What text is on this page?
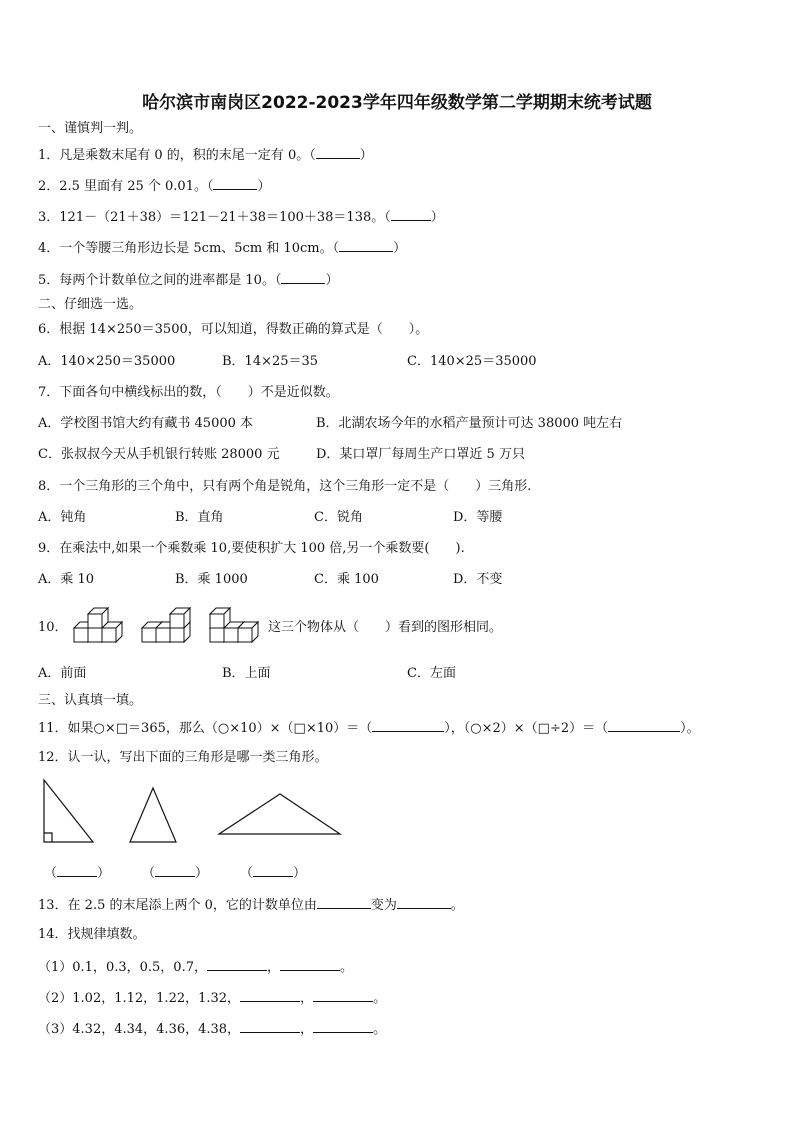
哈尔滨市南岗区2022-2023学年四年级数学第二学期期末统考试题
一、谨慎判一判。
1．凡是乘数末尾有 0 的，积的末尾一定有 0。（	）
2．2.5 里面有 25 个 0.01。（	）
3．121－（21＋38）＝121－21＋38＝100＋38＝138。（	）
4．一个等腰三角形边长是 5cm、5cm 和 10cm。（	）
5．每两个计数单位之间的进率都是 10。（	）
二、仔细选一选。
6．根据 14×250＝3500，可以知道，得数正确的算式是（　　）。
A．140×250＝35000	B．14×25＝35	C．140×25＝35000
7．下面各句中横线标出的数，（　　）不是近似数。
A．学校图书馆大约有藏书 45000 本	B．北湖农场今年的水稻产量预计可达 38000 吨左右
C．张叔叔今天从手机银行转账 28000 元	D．某口罩厂每周生产口罩近 5 万只
8．一个三角形的三个角中，只有两个角是锐角，这个三角形一定不是（　　）三角形.
A．钝角	B．直角	C．锐角	D．等腰
9．在乘法中,如果一个乘数乘 10,要使积扩大 100 倍,另一个乘数要(　　).
A．乘 10	B．乘 1000	C．乘 100	D．不变
10．	这三个物体从（　　）看到的图形相同。
A．前面	B．上面	C．左面
三、认真填一填。
11．如果○×□＝365，那么（○×10）×（□×10）＝（	），（○×2）×（□÷2）＝（	）。
12．认一认，写出下面的三角形是哪一类三角形。
（	） （	） （	）
13．在 2.5 的末尾添上两个 0，它的计数单位由	变为	。
14．找规律填数。
（1）0.1，0.3，0.5，0.7，	，	。
（2）1.02，1.12，1.22，1.32，	，	。
（3）4.32，4.34，4.36，4.38，	，	。
